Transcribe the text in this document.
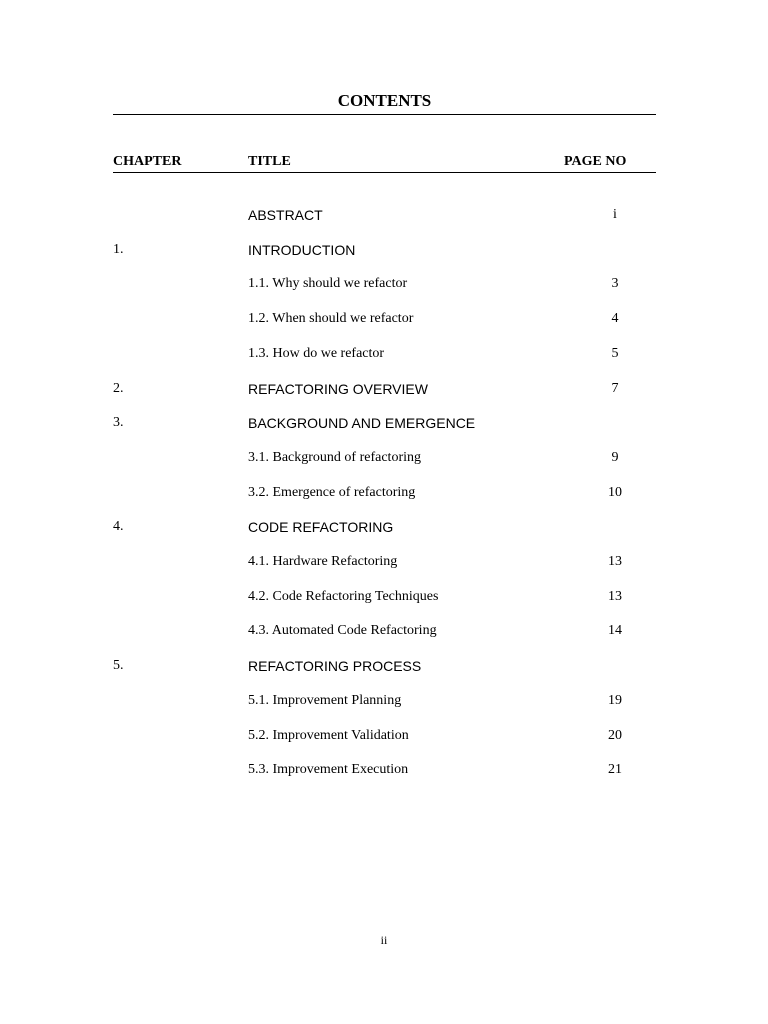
CONTENTS
CHAPTER	TITLE	PAGE NO
ABSTRACT	i
1.	INTRODUCTION
1.1. Why should we refactor	3
1.2. When should we refactor	4
1.3. How do we refactor	5
2.	REFACTORING OVERVIEW	7
3.	BACKGROUND AND EMERGENCE
3.1. Background of refactoring	9
3.2. Emergence of refactoring	10
4.	CODE REFACTORING
4.1. Hardware Refactoring	13
4.2. Code Refactoring Techniques	13
4.3. Automated Code Refactoring	14
5.	REFACTORING PROCESS
5.1. Improvement Planning	19
5.2. Improvement Validation	20
5.3. Improvement Execution	21
ii
